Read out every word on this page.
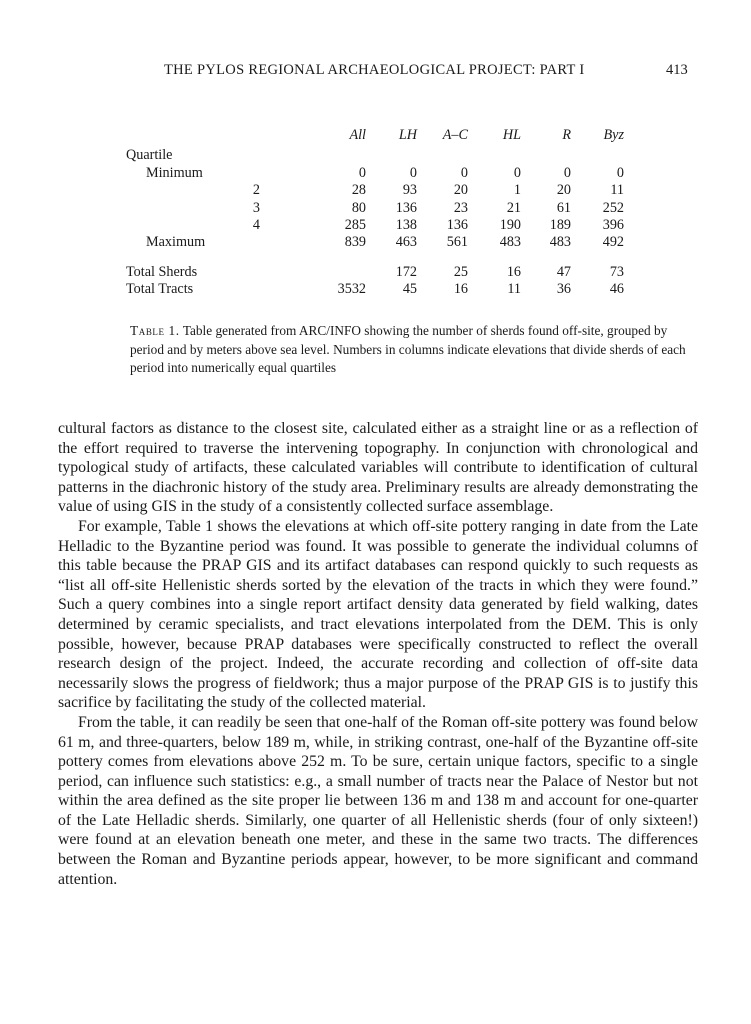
THE PYLOS REGIONAL ARCHAEOLOGICAL PROJECT: PART I	413
	All	LH	A–C	HL	R	Byz
Quartile						
Minimum	0	0	0	0	0	0
2	28	93	20	1	20	11
3	80	136	23	21	61	252
4	285	138	136	190	189	396
Maximum	839	463	561	483	483	492

Total Sherds		172	25	16	47	73
Total Tracts	3532	45	16	11	36	46
Table 1. Table generated from ARC/INFO showing the number of sherds found off-site, grouped by period and by meters above sea level. Numbers in columns indicate elevations that divide sherds of each period into numerically equal quartiles

cultural factors as distance to the closest site, calculated either as a straight line or as a reflection of the effort required to traverse the intervening topography. In conjunction with chronological and typological study of artifacts, these calculated variables will contribute to identification of cultural patterns in the diachronic history of the study area. Preliminary results are already demonstrating the value of using GIS in the study of a consistently collected surface assemblage.

For example, Table 1 shows the elevations at which off-site pottery ranging in date from the Late Helladic to the Byzantine period was found. It was possible to generate the individual columns of this table because the PRAP GIS and its artifact databases can respond quickly to such requests as “list all off-site Hellenistic sherds sorted by the elevation of the tracts in which they were found.” Such a query combines into a single report artifact density data generated by field walking, dates determined by ceramic specialists, and tract elevations interpolated from the DEM. This is only possible, however, because PRAP databases were specifically constructed to reflect the overall research design of the project. Indeed, the accurate recording and collection of off-site data necessarily slows the progress of fieldwork; thus a major purpose of the PRAP GIS is to justify this sacrifice by facilitating the study of the collected material.

From the table, it can readily be seen that one-half of the Roman off-site pottery was found below 61 m, and three-quarters, below 189 m, while, in striking contrast, one-half of the Byzantine off-site pottery comes from elevations above 252 m. To be sure, certain unique factors, specific to a single period, can influence such statistics: e.g., a small number of tracts near the Palace of Nestor but not within the area defined as the site proper lie between 136 m and 138 m and account for one-quarter of the Late Helladic sherds. Similarly, one quarter of all Hellenistic sherds (four of only sixteen!) were found at an elevation beneath one meter, and these in the same two tracts. The differences between the Roman and Byzantine periods appear, however, to be more significant and command attention.
